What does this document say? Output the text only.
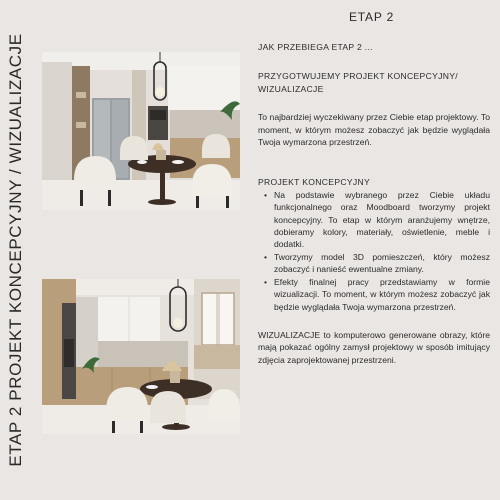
ETAP 2 PROJEKT KONCEPCYJNY / WIZUALIZACJE
ETAP 2

JAK PRZEBIEGA ETAP 2 ...

PRZYGOTWUJEMY PROJEKT KONCEPCYJNY/ WIZUALIZACJE

To najbardziej wyczekiwany przez Ciebie etap projektowy. To moment, w którym możesz zobaczyć jak będzie wyglądała Twoja wymarzona przestrzeń.

PROJEKT KONCEPCYJNY

• Na podstawie wybranego przez Ciebie układu funkcjonalnego oraz Moodboard tworzymy projekt koncepcyjny. To etap w którym aranżujemy wnętrze, dobieramy kolory, materiały, oświetlenie, meble i dodatki.
• Tworzymy model 3D pomieszczeń, który możesz zobaczyć i nanieść ewentualne zmiany.
• Efekty finalnej pracy przedstawiamy w formie wizualizacji. To moment, w którym możesz zobaczyć jak będzie wyglądała Twoja wymarzona przestrzeń.

WIZUALIZACJE to komputerowo generowane obrazy, które mają pokazać ogólny zamysł projektowy w sposób imitujący zdjęcia zaprojektowanej przestrzeni.
